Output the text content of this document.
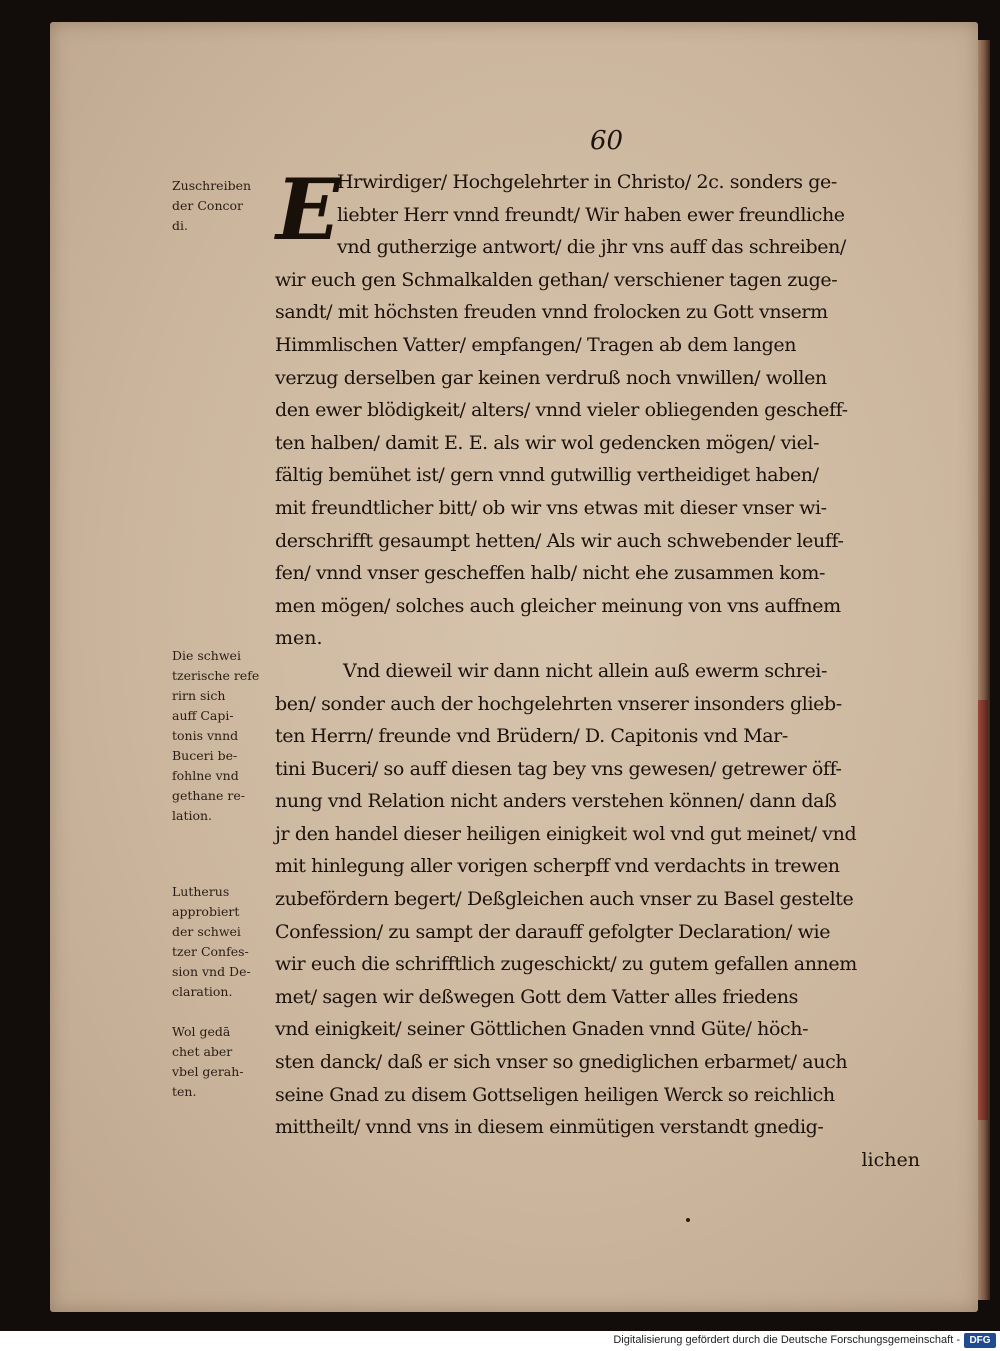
60
Zuschreiben
der Concor
di.
Die schwei
tzerische refe
rirn sich
auff Capi-
tonis vnnd
Buceri be-
fohlne vnd
gethane re-
lation.
Lutherus
approbiert
der schwei
tzer Confes-
sion vnd De-
claration.
Wol gedā
chet aber
vbel gerah-
ten.
E
Hrwirdiger/ Hochgelehrter in Christo/ 2c. sonders ge-
liebter Herr vnnd freundt/ Wir haben ewer freundliche
vnd gutherzige antwort/ die jhr vns auff das schreiben/
wir euch gen Schmalkalden gethan/ verschiener tagen zuge-
sandt/ mit höchsten freuden vnnd frolocken zu Gott vnserm
Himmlischen Vatter/ empfangen/ Tragen ab dem langen
verzug derselben gar keinen verdruß noch vnwillen/ wollen
den ewer blödigkeit/ alters/ vnnd vieler obliegenden gescheff-
ten halben/ damit E. E. als wir wol gedencken mögen/ viel-
fältig bemühet ist/ gern vnnd gutwillig vertheidiget haben/
mit freundtlicher bitt/ ob wir vns etwas mit dieser vnser wi-
derschrifft gesaumpt hetten/ Als wir auch schwebender leuff-
fen/ vnnd vnser gescheffen halb/ nicht ehe zusammen kom-
men mögen/ solches auch gleicher meinung von vns auffnem
men.
Vnd dieweil wir dann nicht allein auß ewerm schrei-
ben/ sonder auch der hochgelehrten vnserer insonders glieb-
ten Herrn/ freunde vnd Brüdern/ D. Capitonis vnd Mar-
tini Buceri/ so auff diesen tag bey vns gewesen/ getrewer öff-
nung vnd Relation nicht anders verstehen können/ dann daß
jr den handel dieser heiligen einigkeit wol vnd gut meinet/ vnd
mit hinlegung aller vorigen scherpff vnd verdachts in trewen
zubefördern begert/ Deßgleichen auch vnser zu Basel gestelte
Confession/ zu sampt der darauff gefolgter Declaration/ wie
wir euch die schrifftlich zugeschickt/ zu gutem gefallen annem
met/ sagen wir deßwegen Gott dem Vatter alles friedens
vnd einigkeit/ seiner Göttlichen Gnaden vnnd Güte/ höch-
sten danck/ daß er sich vnser so gnediglichen erbarmet/ auch
seine Gnad zu disem Gottseligen heiligen Werck so reichlich
mittheilt/ vnnd vns in diesem einmütigen verstandt gnedig-
lichen
Digitalisierung gefördert durch die Deutsche Forschungsgemeinschaft - DFG
